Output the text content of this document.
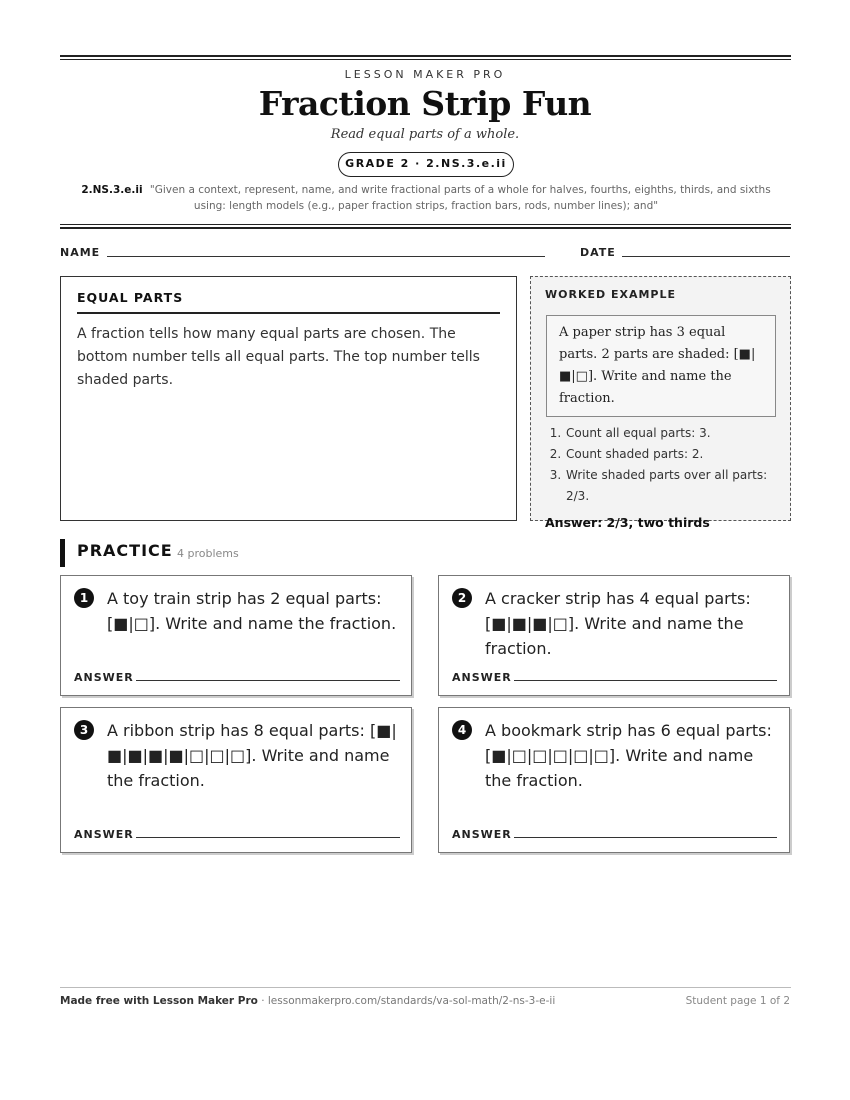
LESSON MAKER PRO
Fraction Strip Fun
Read equal parts of a whole.
GRADE 2 · 2.NS.3.e.ii
2.NS.3.e.ii "Given a context, represent, name, and write fractional parts of a whole for halves, fourths, eighths, thirds, and sixths using: length models (e.g., paper fraction strips, fraction bars, rods, number lines); and"
NAME	DATE
EQUAL PARTS
A fraction tells how many equal parts are chosen. The bottom number tells all equal parts. The top number tells shaded parts.
WORKED EXAMPLE
A paper strip has 3 equal parts. 2 parts are shaded: [■|■|□]. Write and name the fraction.
1. Count all equal parts: 3.
2. Count shaded parts: 2.
3. Write shaded parts over all parts: 2/3.
Answer: 2/3, two thirds
PRACTICE 4 problems
1	A toy train strip has 2 equal parts: [■|□]. Write and name the fraction.
ANSWER
2	A cracker strip has 4 equal parts: [■|■|■|□]. Write and name the fraction.
ANSWER
3	A ribbon strip has 8 equal parts: [■|■|■|■|■|□|□|□]. Write and name the fraction.
ANSWER
4	A bookmark strip has 6 equal parts: [■|□|□|□|□|□]. Write and name the fraction.
ANSWER
Made free with Lesson Maker Pro · lessonmakerpro.com/standards/va-sol-math/2-ns-3-e-ii	Student page 1 of 2
